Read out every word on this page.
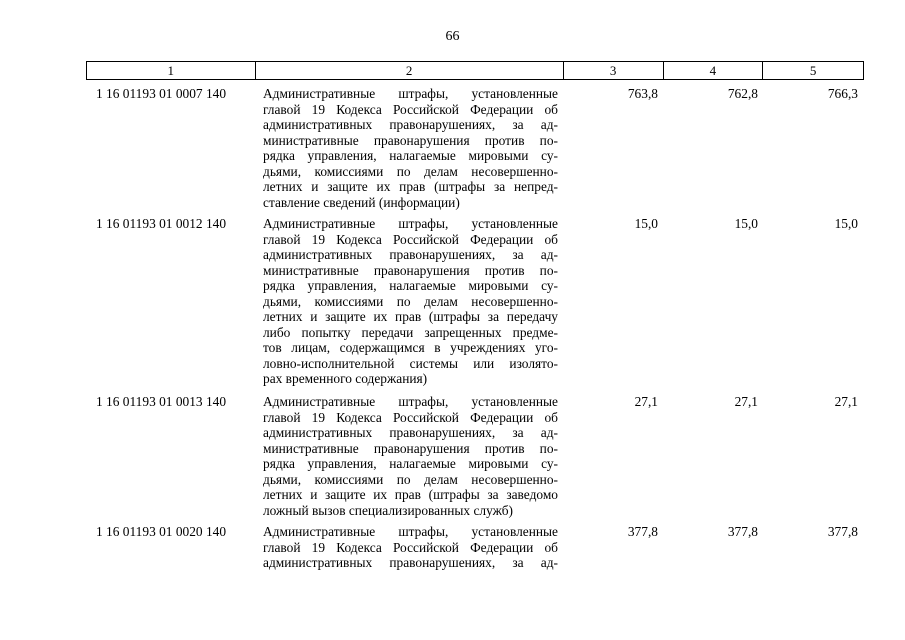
66
1	2	3	4	5
1 16 01193 01 0007 140	Административные штрафы, установленные
главой 19 Кодекса Российской Федерации об
административных правонарушениях, за ад-
министративные правонарушения против по-
рядка управления, налагаемые мировыми су-
дьями, комиссиями по делам несовершенно-
летних и защите их прав (штрафы за непред-
ставление сведений (информации)
763,8	762,8	766,3
1 16 01193 01 0012 140	Административные штрафы, установленные
главой 19 Кодекса Российской Федерации об
административных правонарушениях, за ад-
министративные правонарушения против по-
рядка управления, налагаемые мировыми су-
дьями, комиссиями по делам несовершенно-
летних и защите их прав (штрафы за передачу
либо попытку передачи запрещенных предме-
тов лицам, содержащимся в учреждениях уго-
ловно-исполнительной системы или изолято-
рах временного содержания)
15,0	15,0	15,0
1 16 01193 01 0013 140	Административные штрафы, установленные
главой 19 Кодекса Российской Федерации об
административных правонарушениях, за ад-
министративные правонарушения против по-
рядка управления, налагаемые мировыми су-
дьями, комиссиями по делам несовершенно-
летних и защите их прав (штрафы за заведомо
ложный вызов специализированных служб)
27,1	27,1	27,1
1 16 01193 01 0020 140	Административные штрафы, установленные
главой 19 Кодекса Российской Федерации об
административных правонарушениях, за ад-
377,8	377,8	377,8
